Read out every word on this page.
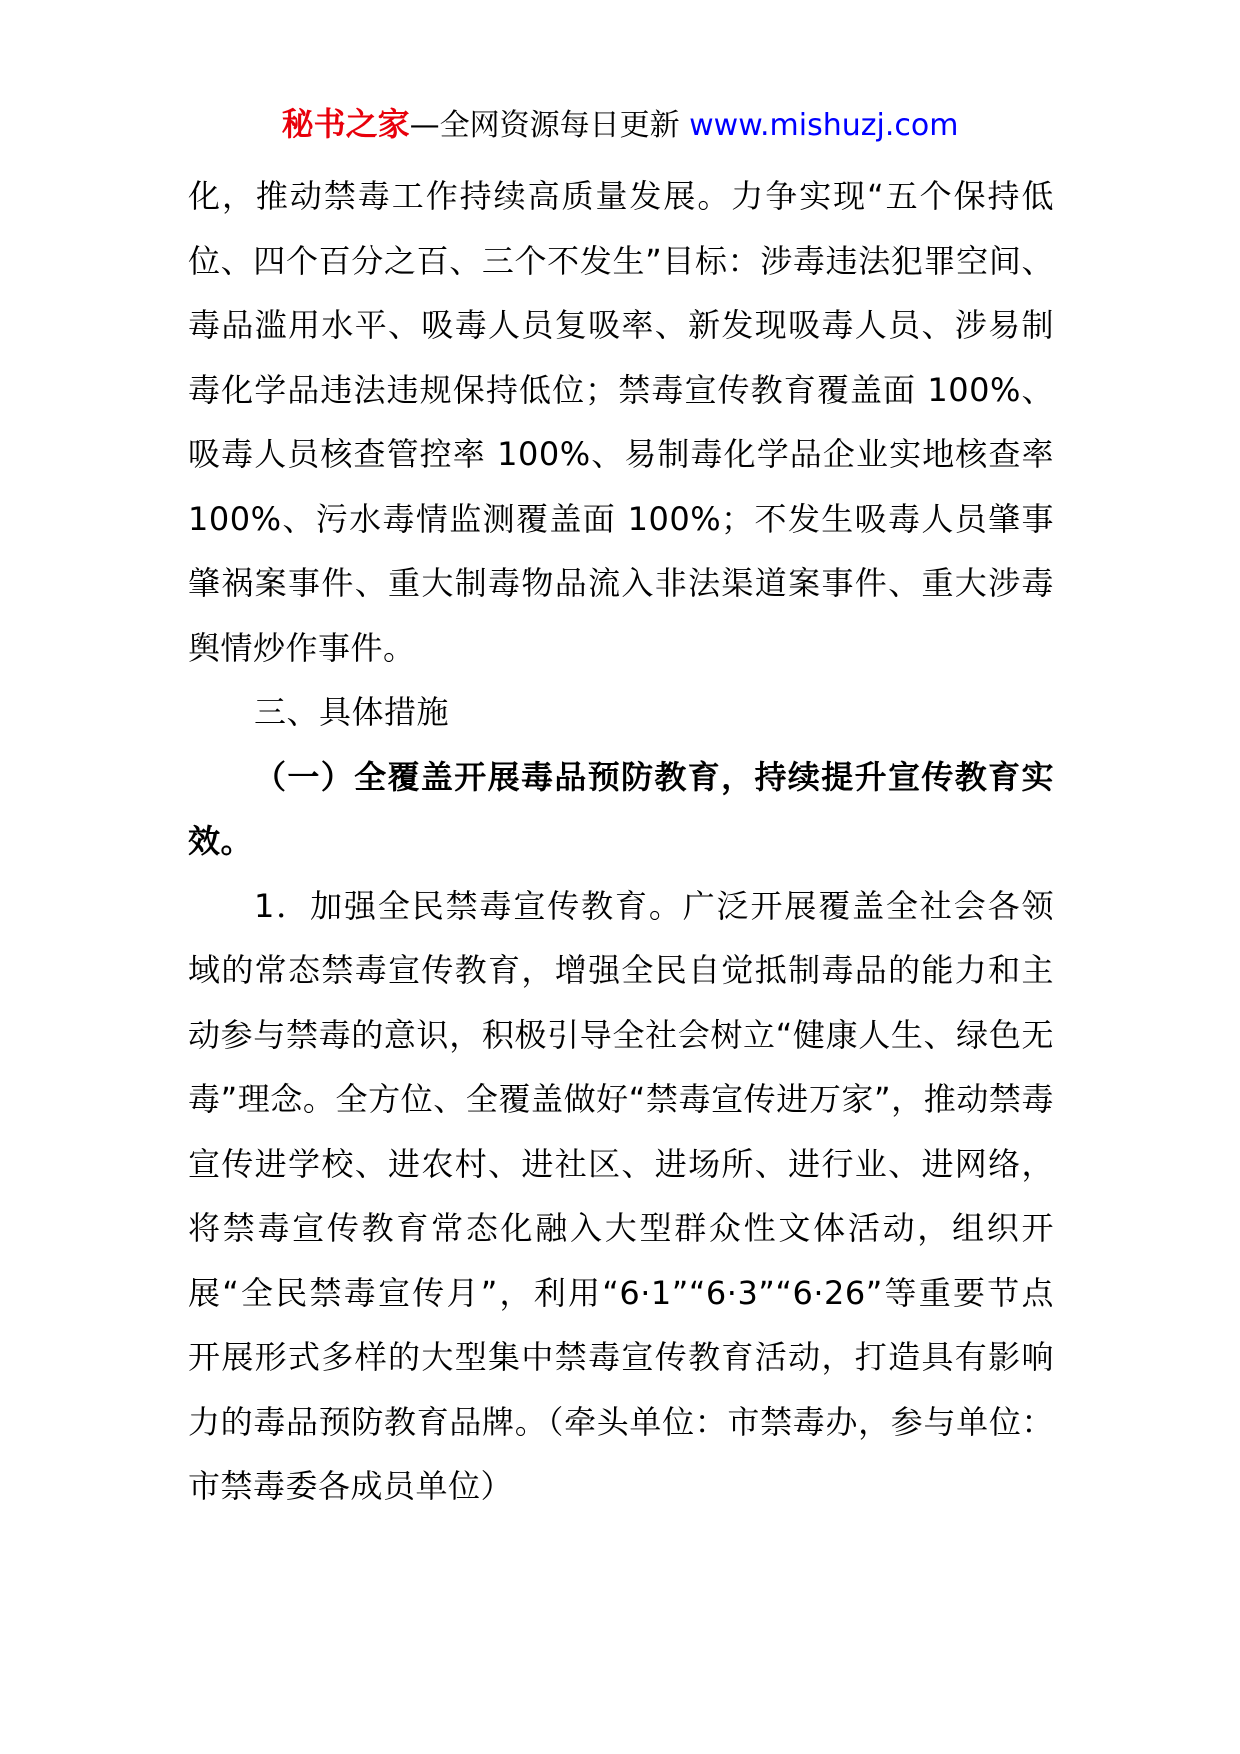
秘书之家—全网资源每日更新 www.mishuzj.com

化，推动禁毒工作持续高质量发展。力争实现“五个保持低位、四个百分之百、三个不发生”目标：涉毒违法犯罪空间、毒品滥用水平、吸毒人员复吸率、新发现吸毒人员、涉易制毒化学品违法违规保持低位；禁毒宣传教育覆盖面 100%、吸毒人员核查管控率 100%、易制毒化学品企业实地核查率 100%、污水毒情监测覆盖面 100%；不发生吸毒人员肇事肇祸案事件、重大制毒物品流入非法渠道案事件、重大涉毒舆情炒作事件。

三、具体措施

（一）全覆盖开展毒品预防教育，持续提升宣传教育实效。

1．加强全民禁毒宣传教育。广泛开展覆盖全社会各领域的常态禁毒宣传教育，增强全民自觉抵制毒品的能力和主动参与禁毒的意识，积极引导全社会树立“健康人生、绿色无毒”理念。全方位、全覆盖做好“禁毒宣传进万家”，推动禁毒宣传进学校、进农村、进社区、进场所、进行业、进网络，将禁毒宣传教育常态化融入大型群众性文体活动，组织开展“全民禁毒宣传月”，利用“6·1”“6·3”“6·26”等重要节点开展形式多样的大型集中禁毒宣传教育活动，打造具有影响力的毒品预防教育品牌。（牵头单位：市禁毒办，参与单位：市禁毒委各成员单位）
